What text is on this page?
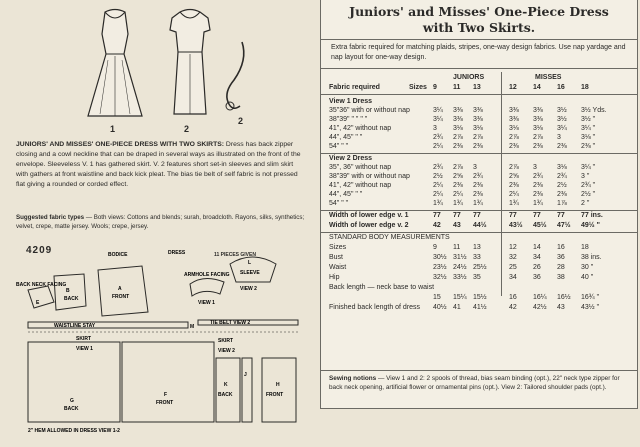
1	2
2
JUNIORS' AND MISSES' ONE-PIECE DRESS WITH TWO SKIRTS: Dress has back zipper closing and a cowl neckline that can be draped in several ways as illustrated on the front of the envelope. Sleeveless V. 1 has gathered skirt. V. 2 features short set-in sleeves and slim skirt with gathers at front waistline and back kick pleat. The bias tie belt of self fabric is not pressed flat giving a rounded or corded effect.
Suggested fabric types — Both views: Cottons and blends; surah, broadcloth. Rayons, silks, synthetics; velvet, crepe, matte jersey. Wools; crepe, jersey.
4209	11 PIECES GIVEN
BODICE	DRESS
BACK NECK FACING
E
B
BACK
A
FRONT
ARMHOLE FACING
VIEW 1
SLEEVE
VIEW 2
L
WAISTLINE STAY	M
TIE BELT VIEW 2
SKIRT
VIEW 1
G
BACK
F
FRONT
SKIRT
VIEW 2
K
BACK
J
H
FRONT
2" HEM ALLOWED IN DRESS VIEW 1-2
Juniors' and Misses' One-Piece Dress
with Two Skirts.
Extra fabric required for matching plaids, stripes, one-way design fabrics. Use nap yardage and nap layout for one-way design.
JUNIORS	MISSES
Fabric required	Sizes 9 11 13	12 14 16 18
View 1 Dress
35"36" with or without nap	3¼ 3⅜ 3⅜	3⅜ 3⅜ 3½ 3½ Yds.
38"39" " " " "	3¼ 3⅜ 3⅜	3⅜ 3⅜ 3½ 3½ "
41", 42" without nap	3 3⅛ 3⅛	3⅛ 3⅛ 3¼ 3¼ "
44", 45" " "	2¾ 2⅞ 2⅞	2⅞ 2⅞ 3	3⅛ "
54" " "	2¼ 2⅜ 2⅜	2⅜ 2⅜ 2⅜ 2⅜ "
View 2 Dress
35", 36" without nap	2¾ 2⅞ 3	2⅞ 3	3⅛ 3¼ "
38"39" with or without nap	2½ 2⅝ 2¾	2⅝ 2¾ 2¾ 3 "
41", 42" without nap	2¼ 2⅜ 2⅜	2⅜ 2⅜ 2½ 2¾ "
44", 45" " "	2¼ 2¼ 2⅜	2¼ 2⅜ 2⅜ 2½ "
54" " "	1¾ 1¾ 1¾	1¾ 1¾ 1⅞ 2 "
Width of lower edge v. 1	77 77 77	77 77 77 77 ins.
Width of lower edge v. 2	42 43 44½	43½ 45½ 47½ 49½ "
STANDARD BODY MEASUREMENTS
Sizes	9 11 13	12 14 16 18
Bust	30½ 31½ 33	32 34 36 38 ins.
Waist	23½ 24½ 25½	25 26 28 30 "
Hip	32½ 33½ 35	34 36 38 40 "
Back length — neck base to waist
15 15¼ 15½	16 16¼ 16½ 16¾ "
Finished back length of dress 40½ 41 41½	42 42½ 43 43½ "
Sewing notions — View 1 and 2: 2 spools of thread, bias seam binding (opt.), 22" neck type zipper for back neck opening, artificial flower or ornamental pins (opt.). View 2: Tailored shoulder pads (opt.).
